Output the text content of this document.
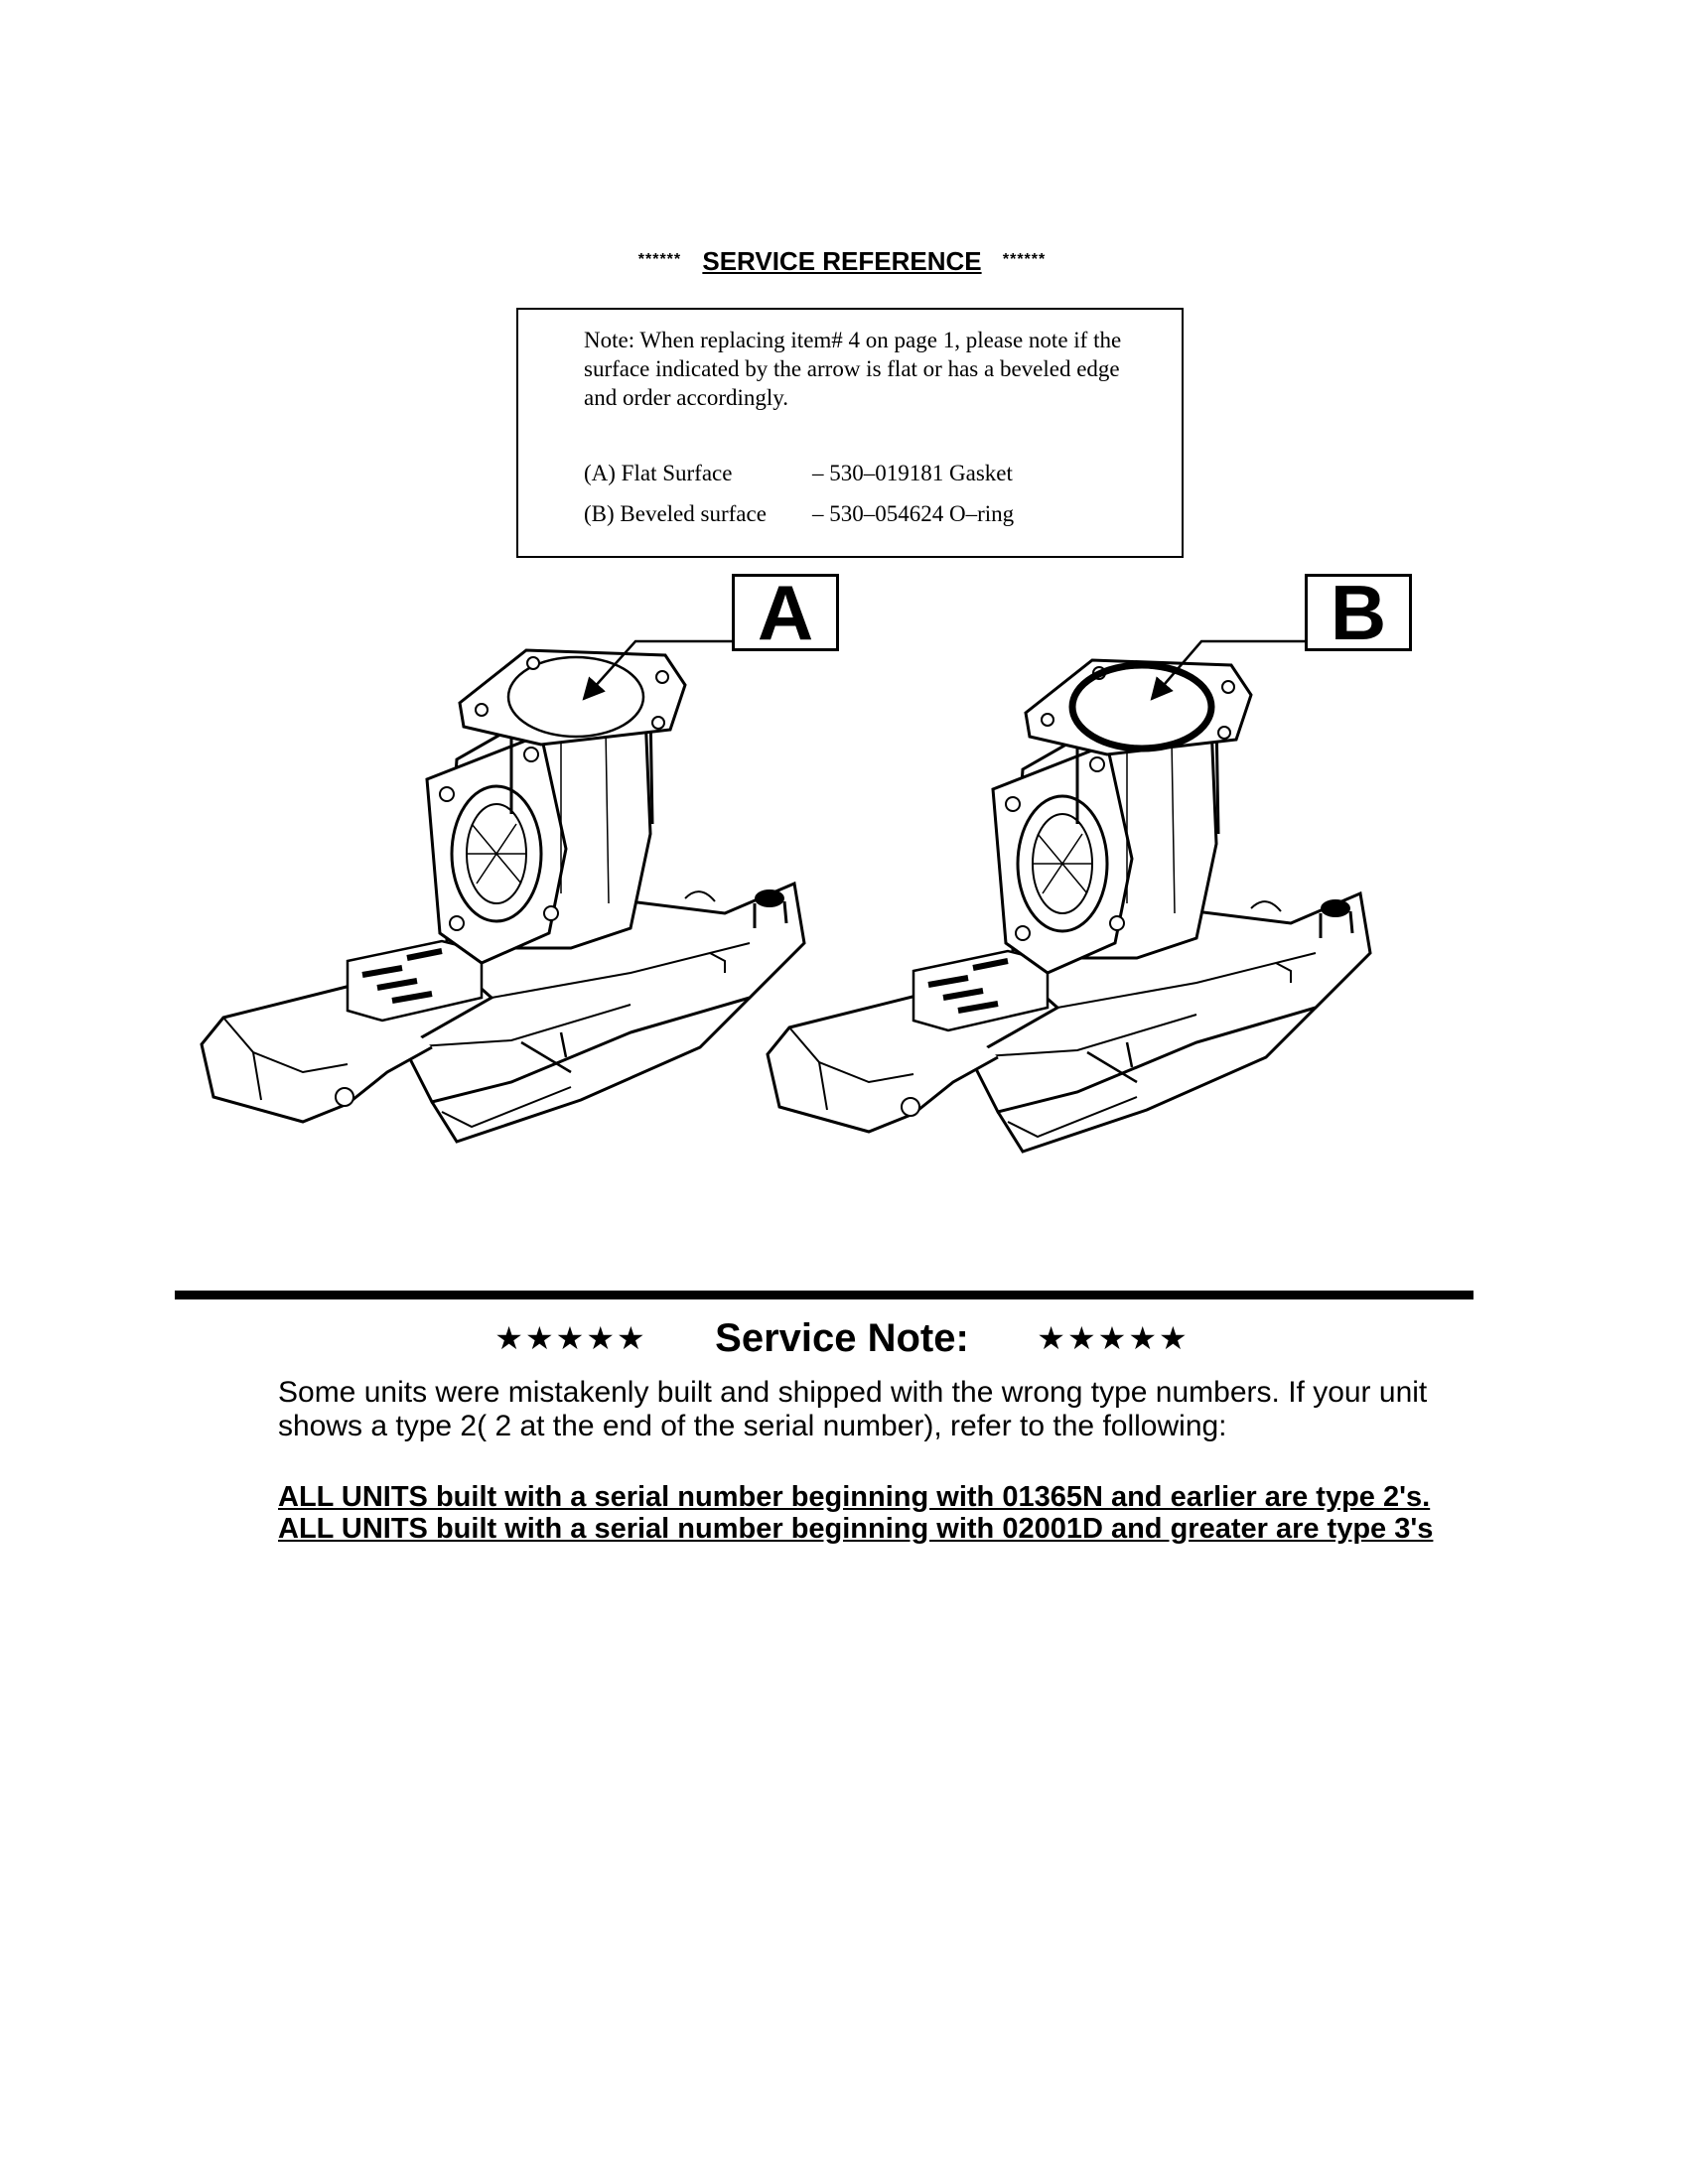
****** SERVICE REFERENCE ******
Note: When replacing item# 4 on page 1, please note if the surface indicated by the arrow is flat or has a beveled edge and order accordingly.
(A) Flat Surface	– 530–019181 Gasket
(B) Beveled surface – 530–054624 O–ring
A	B
★★★★★ Service Note: ★★★★★
Some units were mistakenly built and shipped with the wrong type numbers. If your unit shows a type 2( 2 at the end of the serial number), refer to the following:
ALL UNITS built with a serial number beginning with 01365N and earlier are type 2's.
ALL UNITS built with a serial number beginning with 02001D and greater are type 3's
